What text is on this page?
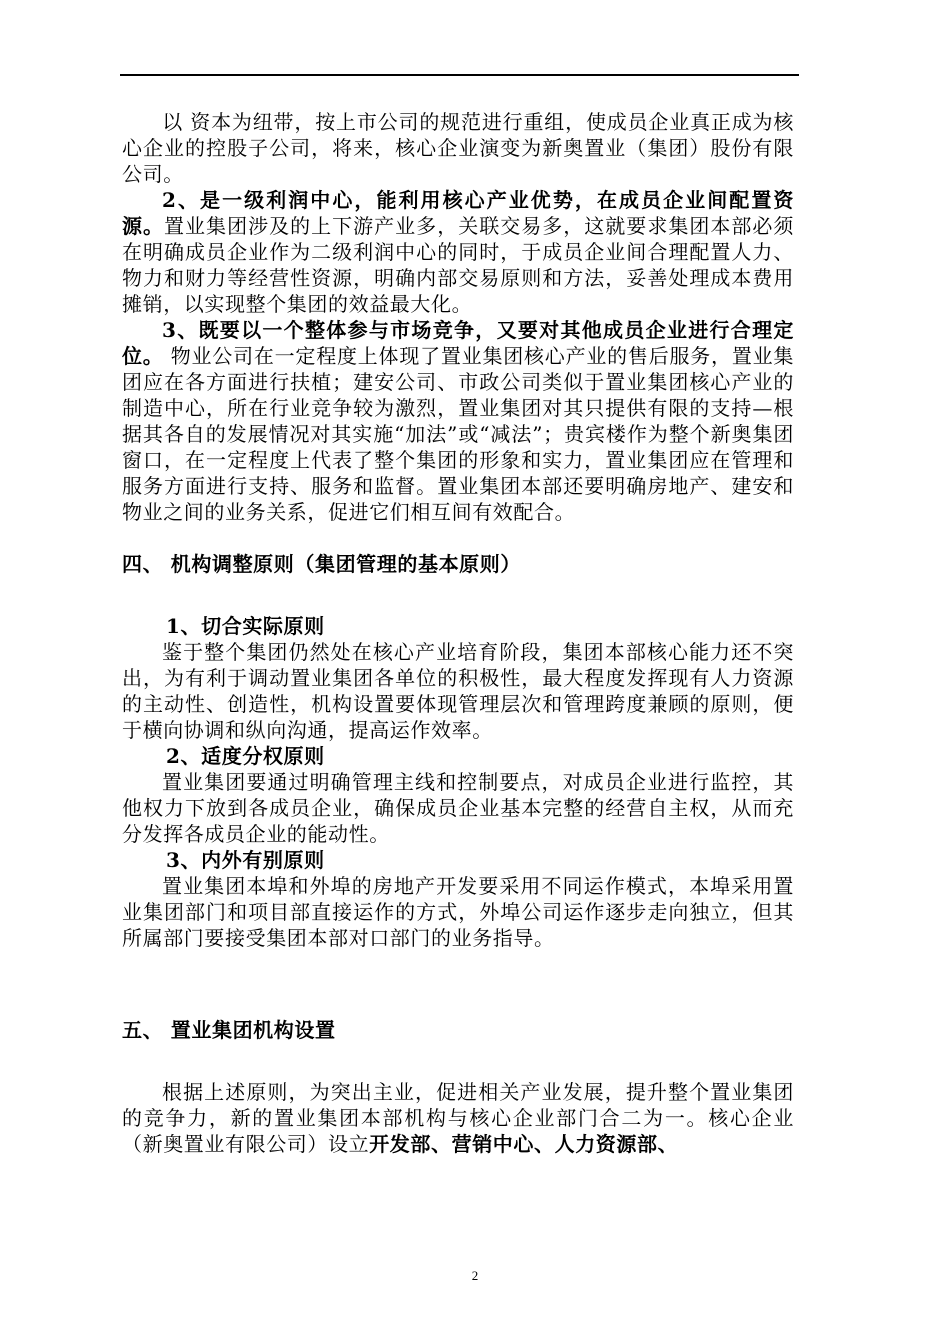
以 资本为纽带，按上市公司的规范进行重组，使成员企业真正成为核心企业的控股子公司，将来，核心企业演变为新奥置业（集团）股份有限公司。

2、是一级利润中心，能利用核心产业优势，在成员企业间配置资源。置业集团涉及的上下游产业多，关联交易多，这就要求集团本部必须在明确成员企业作为二级利润中心的同时，于成员企业间合理配置人力、物力和财力等经营性资源，明确内部交易原则和方法，妥善处理成本费用摊销，以实现整个集团的效益最大化。

3、既要以一个整体参与市场竞争，又要对其他成员企业进行合理定位。 物业公司在一定程度上体现了置业集团核心产业的售后服务，置业集团应在各方面进行扶植；建安公司、市政公司类似于置业集团核心产业的制造中心，所在行业竞争较为激烈，置业集团对其只提供有限的支持—根据其各自的发展情况对其实施“加法”或“减法”；贵宾楼作为整个新奥集团窗口，在一定程度上代表了整个集团的形象和实力，置业集团应在管理和服务方面进行支持、服务和监督。置业集团本部还要明确房地产、建安和物业之间的业务关系，促进它们相互间有效配合。

四、 机构调整原则（集团管理的基本原则）

1、切合实际原则

鉴于整个集团仍然处在核心产业培育阶段，集团本部核心能力还不突出，为有利于调动置业集团各单位的积极性，最大程度发挥现有人力资源的主动性、创造性，机构设置要体现管理层次和管理跨度兼顾的原则，便于横向协调和纵向沟通，提高运作效率。

2、适度分权原则

置业集团要通过明确管理主线和控制要点，对成员企业进行监控，其他权力下放到各成员企业，确保成员企业基本完整的经营自主权，从而充分发挥各成员企业的能动性。

3、内外有别原则

置业集团本埠和外埠的房地产开发要采用不同运作模式，本埠采用置业集团部门和项目部直接运作的方式，外埠公司运作逐步走向独立，但其所属部门要接受集团本部对口部门的业务指导。

五、 置业集团机构设置

根据上述原则，为突出主业，促进相关产业发展，提升整个置业集团的竞争力，新的置业集团本部机构与核心企业部门合二为一。核心企业（新奥置业有限公司）设立开发部、营销中心、人力资源部、

2
